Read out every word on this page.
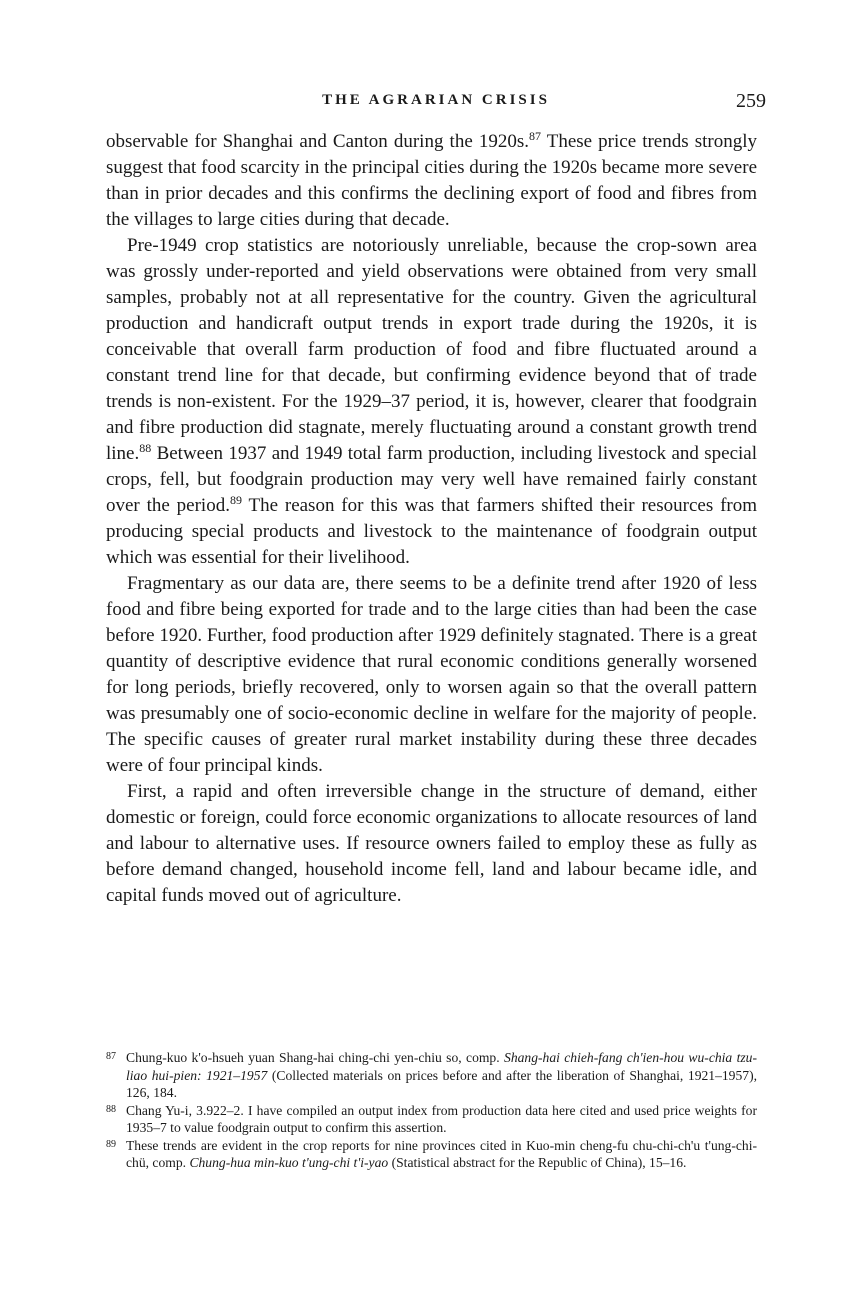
THE AGRARIAN CRISIS	259

observable for Shanghai and Canton during the 1920s.$^{87}$ These price trends strongly suggest that food scarcity in the principal cities during the 1920s became more severe than in prior decades and this confirms the declining export of food and fibres from the villages to large cities during that decade.

Pre-1949 crop statistics are notoriously unreliable, because the crop-sown area was grossly under-reported and yield observations were obtained from very small samples, probably not at all representative for the country. Given the agricultural production and handicraft output trends in export trade during the 1920s, it is conceivable that overall farm production of food and fibre fluctuated around a constant trend line for that decade, but confirming evidence beyond that of trade trends is non-existent. For the 1929–37 period, it is, however, clearer that foodgrain and fibre production did stagnate, merely fluctuating around a constant growth trend line.$^{88}$ Between 1937 and 1949 total farm production, including livestock and special crops, fell, but foodgrain production may very well have remained fairly constant over the period.$^{89}$ The reason for this was that farmers shifted their resources from producing special products and livestock to the maintenance of foodgrain output which was essential for their livelihood.

Fragmentary as our data are, there seems to be a definite trend after 1920 of less food and fibre being exported for trade and to the large cities than had been the case before 1920. Further, food production after 1929 definitely stagnated. There is a great quantity of descriptive evidence that rural economic conditions generally worsened for long periods, briefly recovered, only to worsen again so that the overall pattern was presumably one of socio-economic decline in welfare for the majority of people. The specific causes of greater rural market instability during these three decades were of four principal kinds.

First, a rapid and often irreversible change in the structure of demand, either domestic or foreign, could force economic organizations to allocate resources of land and labour to alternative uses. If resource owners failed to employ these as fully as before demand changed, household income fell, land and labour became idle, and capital funds moved out of agriculture.

87 Chung-kuo k'o-hsueh yuan Shang-hai ching-chi yen-chiu so, comp. Shang-hai chieh-fang ch'ien-hou wu-chia tzu-liao hui-pien: 1921–1957 (Collected materials on prices before and after the liberation of Shanghai, 1921–1957), 126, 184.

88 Chang Yu-i, 3.922–2. I have compiled an output index from production data here cited and used price weights for 1935–7 to value foodgrain output to confirm this assertion.

89 These trends are evident in the crop reports for nine provinces cited in Kuo-min cheng-fu chu-chi-ch'u t'ung-chi-chü, comp. Chung-hua min-kuo t'ung-chi t'i-yao (Statistical abstract for the Republic of China), 15–16.
